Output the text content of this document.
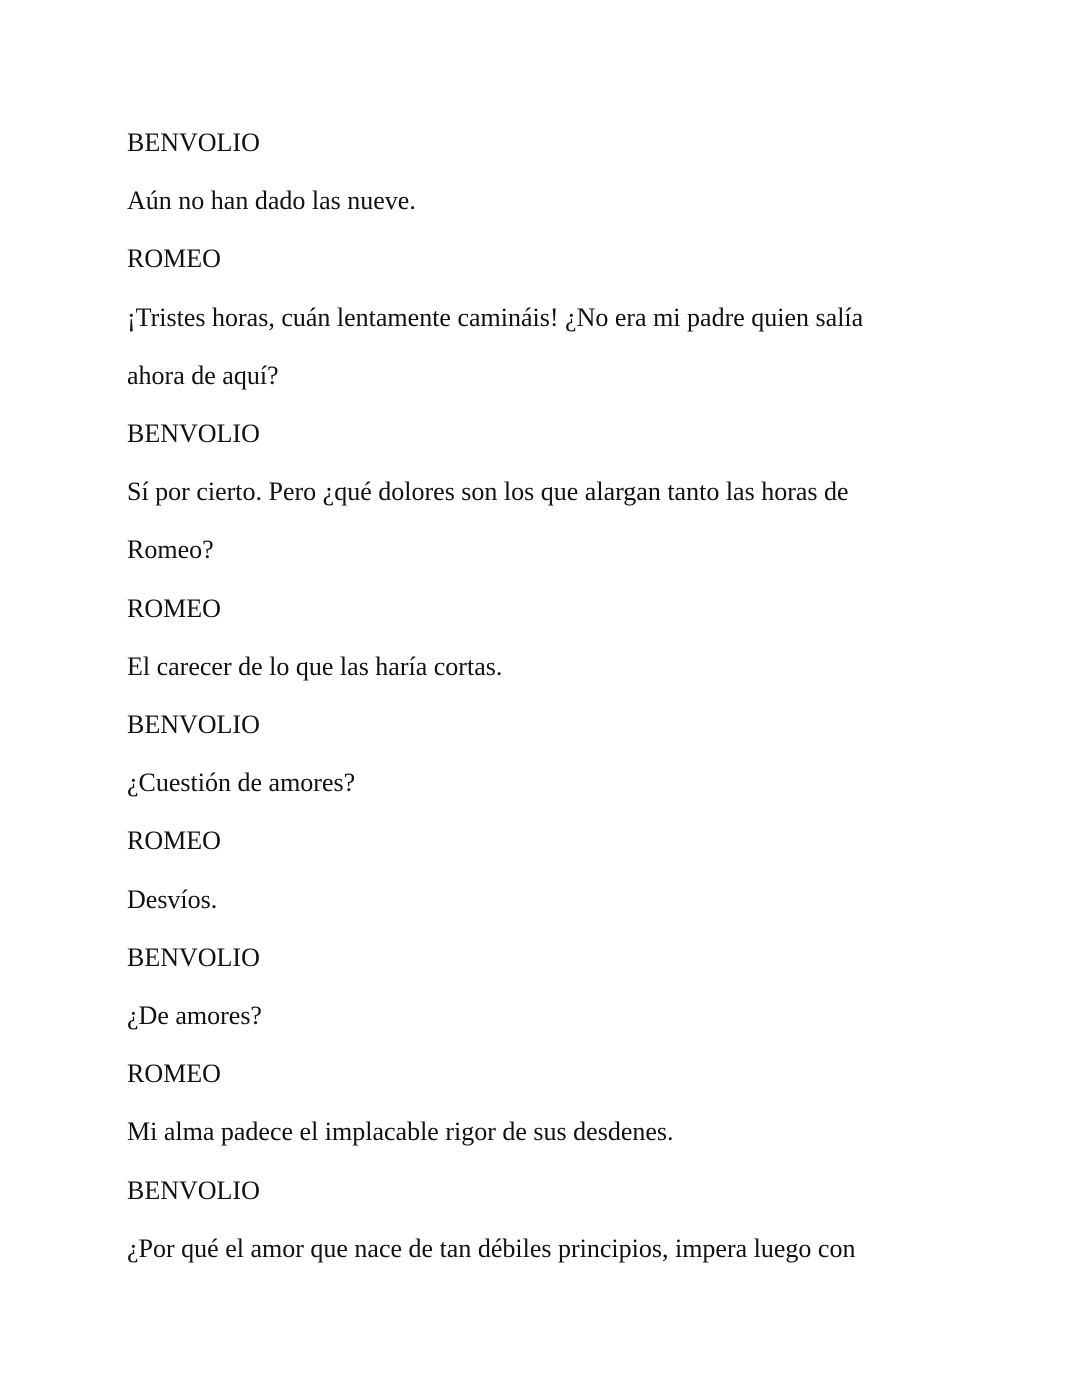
BENVOLIO

Aún no han dado las nueve.

ROMEO

¡Tristes horas, cuán lentamente camináis! ¿No era mi padre quien salía

ahora de aquí?

BENVOLIO

Sí por cierto. Pero ¿qué dolores son los que alargan tanto las horas de

Romeo?

ROMEO

El carecer de lo que las haría cortas.

BENVOLIO

¿Cuestión de amores?

ROMEO

Desvíos.

BENVOLIO

¿De amores?

ROMEO

Mi alma padece el implacable rigor de sus desdenes.

BENVOLIO

¿Por qué el amor que nace de tan débiles principios, impera luego con
